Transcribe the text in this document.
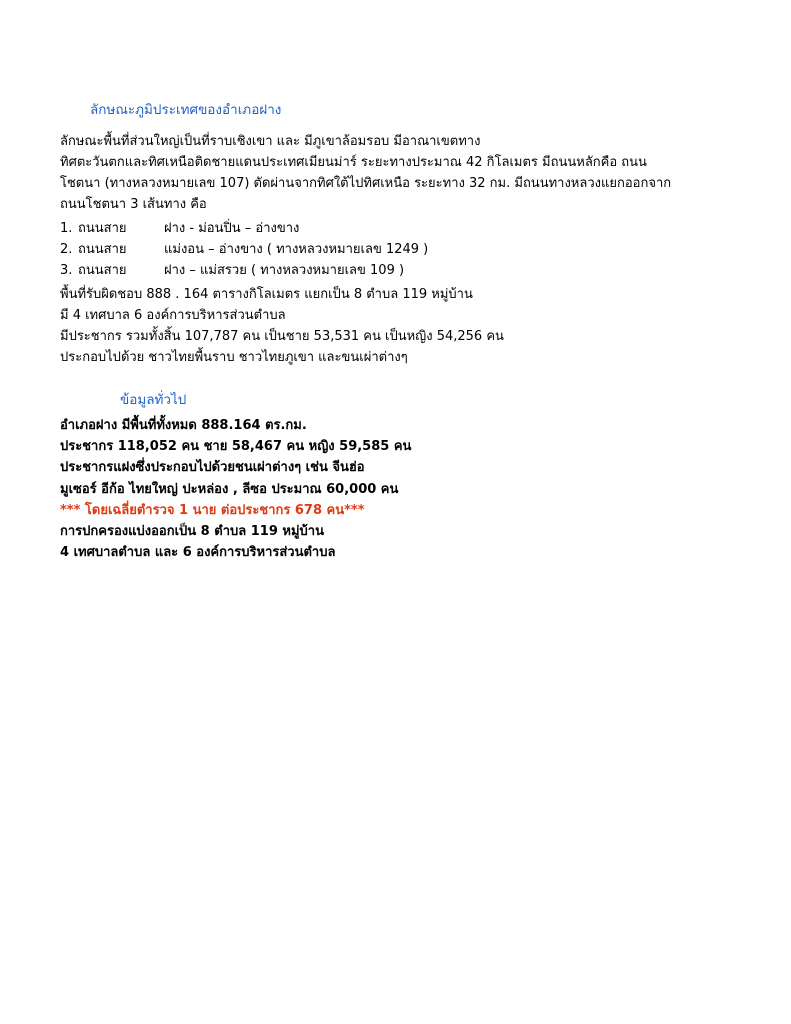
ลักษณะภูมิประเทศของอำเภอฝาง

ลักษณะพื้นที่ส่วนใหญ่เป็นที่ราบเชิงเขา และ มีภูเขาล้อมรอบ มีอาณาเขตทาง

ทิศตะวันตกและทิศเหนือติดชายแดนประเทศเมียนม่าร์ ระยะทางประมาณ 42 กิโลเมตร มีถนนหลักคือ ถนน

โชตนา (ทางหลวงหมายเลข 107) ตัดผ่านจากทิศใต้ไปทิศเหนือ ระยะทาง 32 กม. มีถนนทางหลวงแยกออกจาก

ถนนโชตนา 3 เส้นทาง คือ

1. ถนนสาย	ฝาง - ม่อนปิ่น – อ่างขาง

2. ถนนสาย	แม่งอน – อ่างขาง ( ทางหลวงหมายเลข 1249 )

3. ถนนสาย	ฝาง – แม่สรวย ( ทางหลวงหมายเลข 109 )

พื้นที่รับผิดชอบ 888 . 164 ตารางกิโลเมตร แยกเป็น 8 ตำบล 119 หมู่บ้าน

มี 4 เทศบาล 6 องค์การบริหารส่วนตำบล

มีประชากร รวมทั้งสิ้น 107,787 คน เป็นชาย 53,531 คน เป็นหญิง 54,256 คน

ประกอบไปด้วย ชาวไทยพื้นราบ ชาวไทยภูเขา และขนเผ่าต่างๆ

ข้อมูลทั่วไป

อำเภอฝาง มีพื้นที่ทั้งหมด 888.164 ตร.กม.

ประชากร 118,052 คน ชาย 58,467 คน หญิง 59,585 คน

ประชากรแฝงซึ่งประกอบไปด้วยชนเผ่าต่างๆ เช่น จีนฮ่อ

มูเซอร์ อีก้อ ไทยใหญ่ ปะหล่อง , ลีซอ ประมาณ 60,000 คน

*** โดยเฉลี่ยตำรวจ 1 นาย ต่อประชากร 678 คน***

การปกครองแบ่งออกเป็น 8 ตำบล 119 หมู่บ้าน

4 เทศบาลตำบล และ 6 องค์การบริหารส่วนตำบล
